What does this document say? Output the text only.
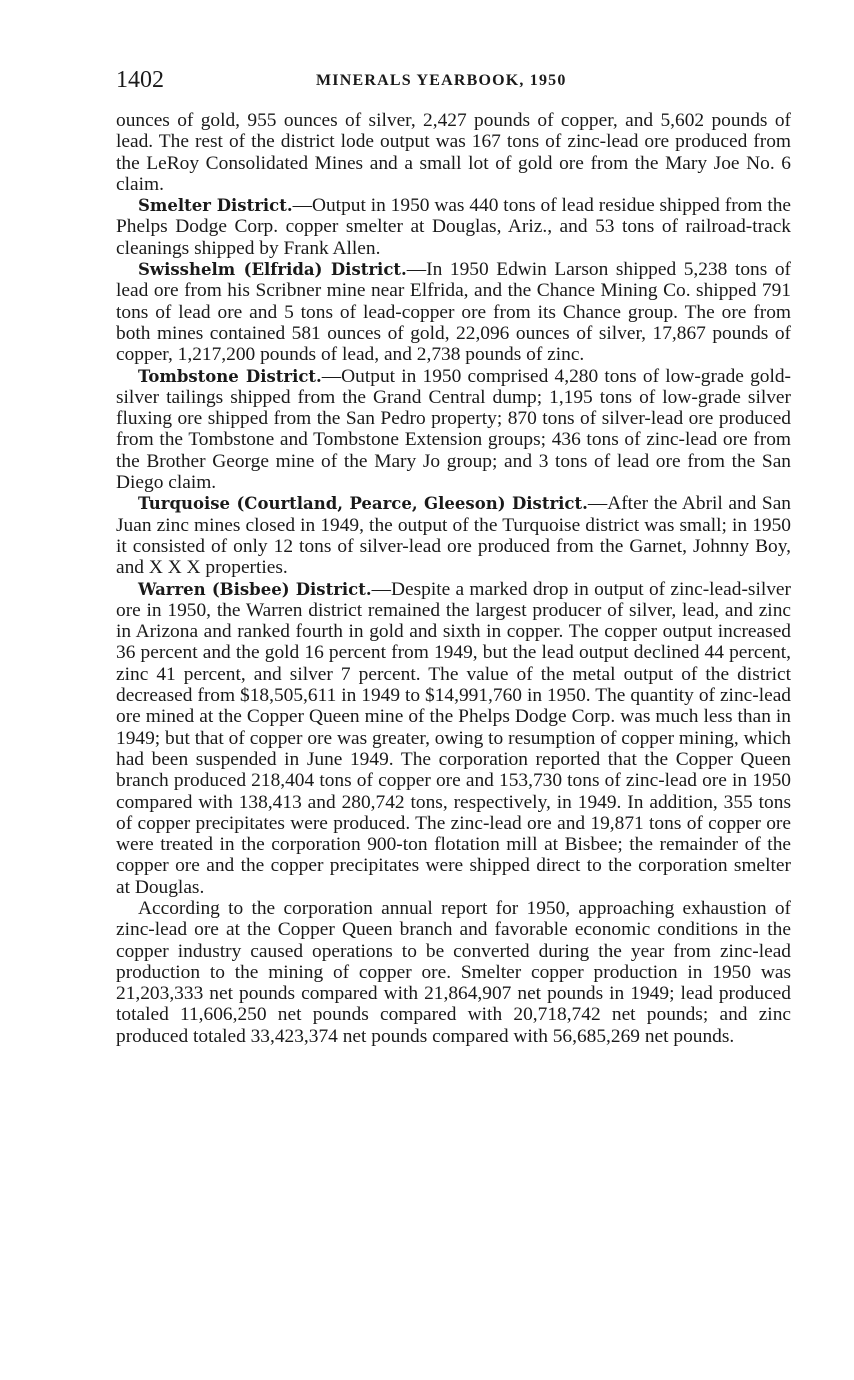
1402	MINERALS YEARBOOK, 1950

ounces of gold, 955 ounces of silver, 2,427 pounds of copper, and 5,602 pounds of lead. The rest of the district lode output was 167 tons of zinc-lead ore produced from the LeRoy Consolidated Mines and a small lot of gold ore from the Mary Joe No. 6 claim.

Smelter District.—Output in 1950 was 440 tons of lead residue shipped from the Phelps Dodge Corp. copper smelter at Douglas, Ariz., and 53 tons of railroad-track cleanings shipped by Frank Allen.

Swisshelm (Elfrida) District.—In 1950 Edwin Larson shipped 5,238 tons of lead ore from his Scribner mine near Elfrida, and the Chance Mining Co. shipped 791 tons of lead ore and 5 tons of lead-copper ore from its Chance group. The ore from both mines contained 581 ounces of gold, 22,096 ounces of silver, 17,867 pounds of copper, 1,217,200 pounds of lead, and 2,738 pounds of zinc.

Tombstone District.—Output in 1950 comprised 4,280 tons of low-grade gold-silver tailings shipped from the Grand Central dump; 1,195 tons of low-grade silver fluxing ore shipped from the San Pedro property; 870 tons of silver-lead ore produced from the Tombstone and Tombstone Extension groups; 436 tons of zinc-lead ore from the Brother George mine of the Mary Jo group; and 3 tons of lead ore from the San Diego claim.

Turquoise (Courtland, Pearce, Gleeson) District.—After the Abril and San Juan zinc mines closed in 1949, the output of the Turquoise district was small; in 1950 it consisted of only 12 tons of silver-lead ore produced from the Garnet, Johnny Boy, and X X X properties.

Warren (Bisbee) District.—Despite a marked drop in output of zinc-lead-silver ore in 1950, the Warren district remained the largest producer of silver, lead, and zinc in Arizona and ranked fourth in gold and sixth in copper. The copper output increased 36 percent and the gold 16 percent from 1949, but the lead output declined 44 percent, zinc 41 percent, and silver 7 percent. The value of the metal output of the district decreased from $18,505,611 in 1949 to $14,991,760 in 1950. The quantity of zinc-lead ore mined at the Copper Queen mine of the Phelps Dodge Corp. was much less than in 1949; but that of copper ore was greater, owing to resumption of copper mining, which had been suspended in June 1949. The corporation reported that the Copper Queen branch produced 218,404 tons of copper ore and 153,730 tons of zinc-lead ore in 1950 compared with 138,413 and 280,742 tons, respectively, in 1949. In addition, 355 tons of copper precipitates were produced. The zinc-lead ore and 19,871 tons of copper ore were treated in the corporation 900-ton flotation mill at Bisbee; the remainder of the copper ore and the copper precipitates were shipped direct to the corporation smelter at Douglas.

According to the corporation annual report for 1950, approaching exhaustion of zinc-lead ore at the Copper Queen branch and favorable economic conditions in the copper industry caused operations to be converted during the year from zinc-lead production to the mining of copper ore. Smelter copper production in 1950 was 21,203,333 net pounds compared with 21,864,907 net pounds in 1949; lead produced totaled 11,606,250 net pounds compared with 20,718,742 net pounds; and zinc produced totaled 33,423,374 net pounds compared with 56,685,269 net pounds.
